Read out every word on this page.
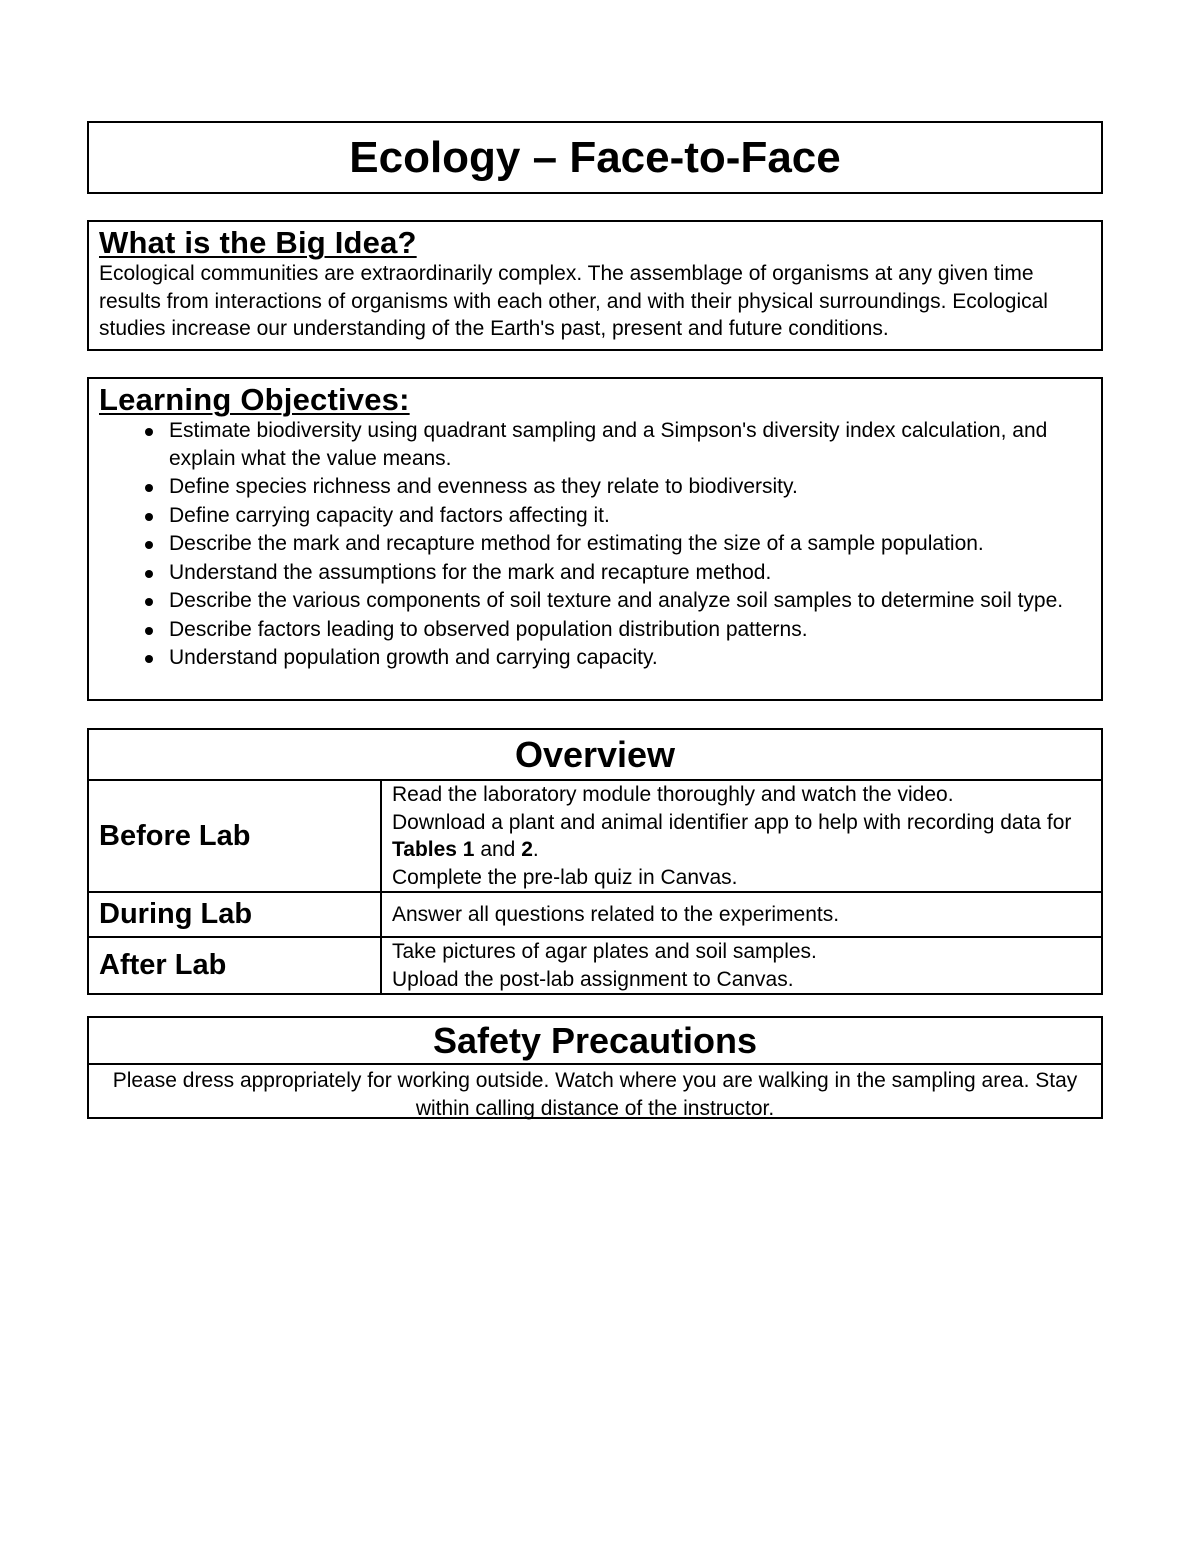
Ecology – Face-to-Face
What is the Big Idea?

Ecological communities are extraordinarily complex. The assemblage of organisms at any given time results from interactions of organisms with each other, and with their physical surroundings. Ecological studies increase our understanding of the Earth's past, present and future conditions.

Learning Objectives:
Estimate biodiversity using quadrant sampling and a Simpson's diversity index calculation, and explain what the value means.
Define species richness and evenness as they relate to biodiversity.
Define carrying capacity and factors affecting it.
Describe the mark and recapture method for estimating the size of a sample population.
Understand the assumptions for the mark and recapture method.
Describe the various components of soil texture and analyze soil samples to determine soil type.
Describe factors leading to observed population distribution patterns.
Understand population growth and carrying capacity.
Overview	
Before Lab	Read the laboratory module thoroughly and watch the video.
Download a plant and animal identifier app to help with recording data for Tables 1 and 2.
Complete the pre-lab quiz in Canvas.
During Lab	Answer all questions related to the experiments.
After Lab	Take pictures of agar plates and soil samples.
Upload the post-lab assignment to Canvas.
Safety Precautions

Please dress appropriately for working outside. Watch where you are walking in the sampling area. Stay within calling distance of the instructor.
